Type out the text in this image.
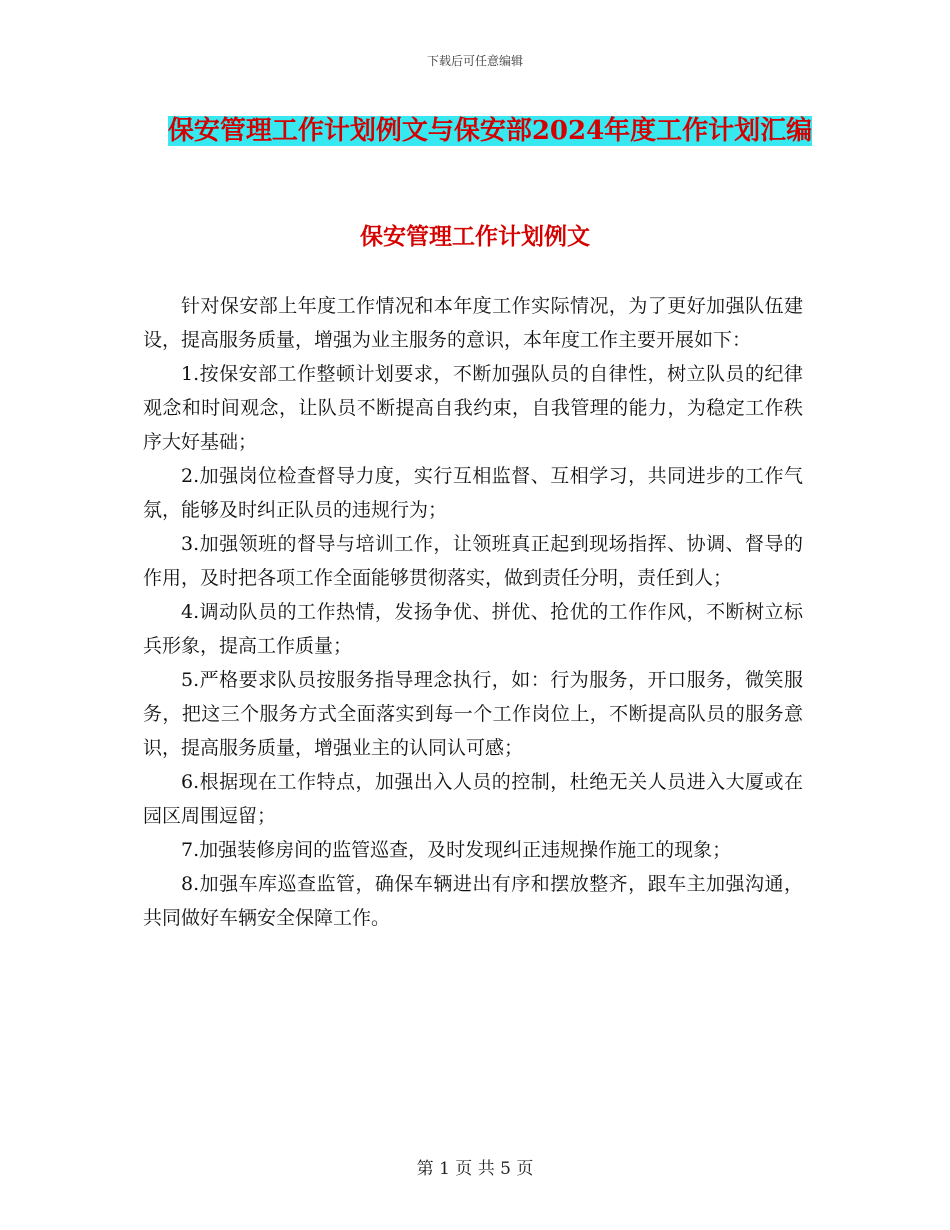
下载后可任意编辑
保安管理工作计划例文与保安部2024年度工作计划汇编
保安管理工作计划例文

针对保安部上年度工作情况和本年度工作实际情况，为了更好加强队伍建设，提高服务质量，增强为业主服务的意识，本年度工作主要开展如下：

1.按保安部工作整顿计划要求，不断加强队员的自律性，树立队员的纪律观念和时间观念，让队员不断提高自我约束，自我管理的能力，为稳定工作秩序大好基础；

2.加强岗位检查督导力度，实行互相监督、互相学习，共同进步的工作气氛，能够及时纠正队员的违规行为；

3.加强领班的督导与培训工作，让领班真正起到现场指挥、协调、督导的作用，及时把各项工作全面能够贯彻落实，做到责任分明，责任到人；

4.调动队员的工作热情，发扬争优、拼优、抢优的工作作风，不断树立标兵形象，提高工作质量；

5.严格要求队员按服务指导理念执行，如：行为服务，开口服务，微笑服务，把这三个服务方式全面落实到每一个工作岗位上，不断提高队员的服务意识，提高服务质量，增强业主的认同认可感；

6.根据现在工作特点，加强出入人员的控制，杜绝无关人员进入大厦或在园区周围逗留；

7.加强装修房间的监管巡查，及时发现纠正违规操作施工的现象；

8.加强车库巡查监管，确保车辆进出有序和摆放整齐，跟车主加强沟通，共同做好车辆安全保障工作。

第 1 页 共 5 页
